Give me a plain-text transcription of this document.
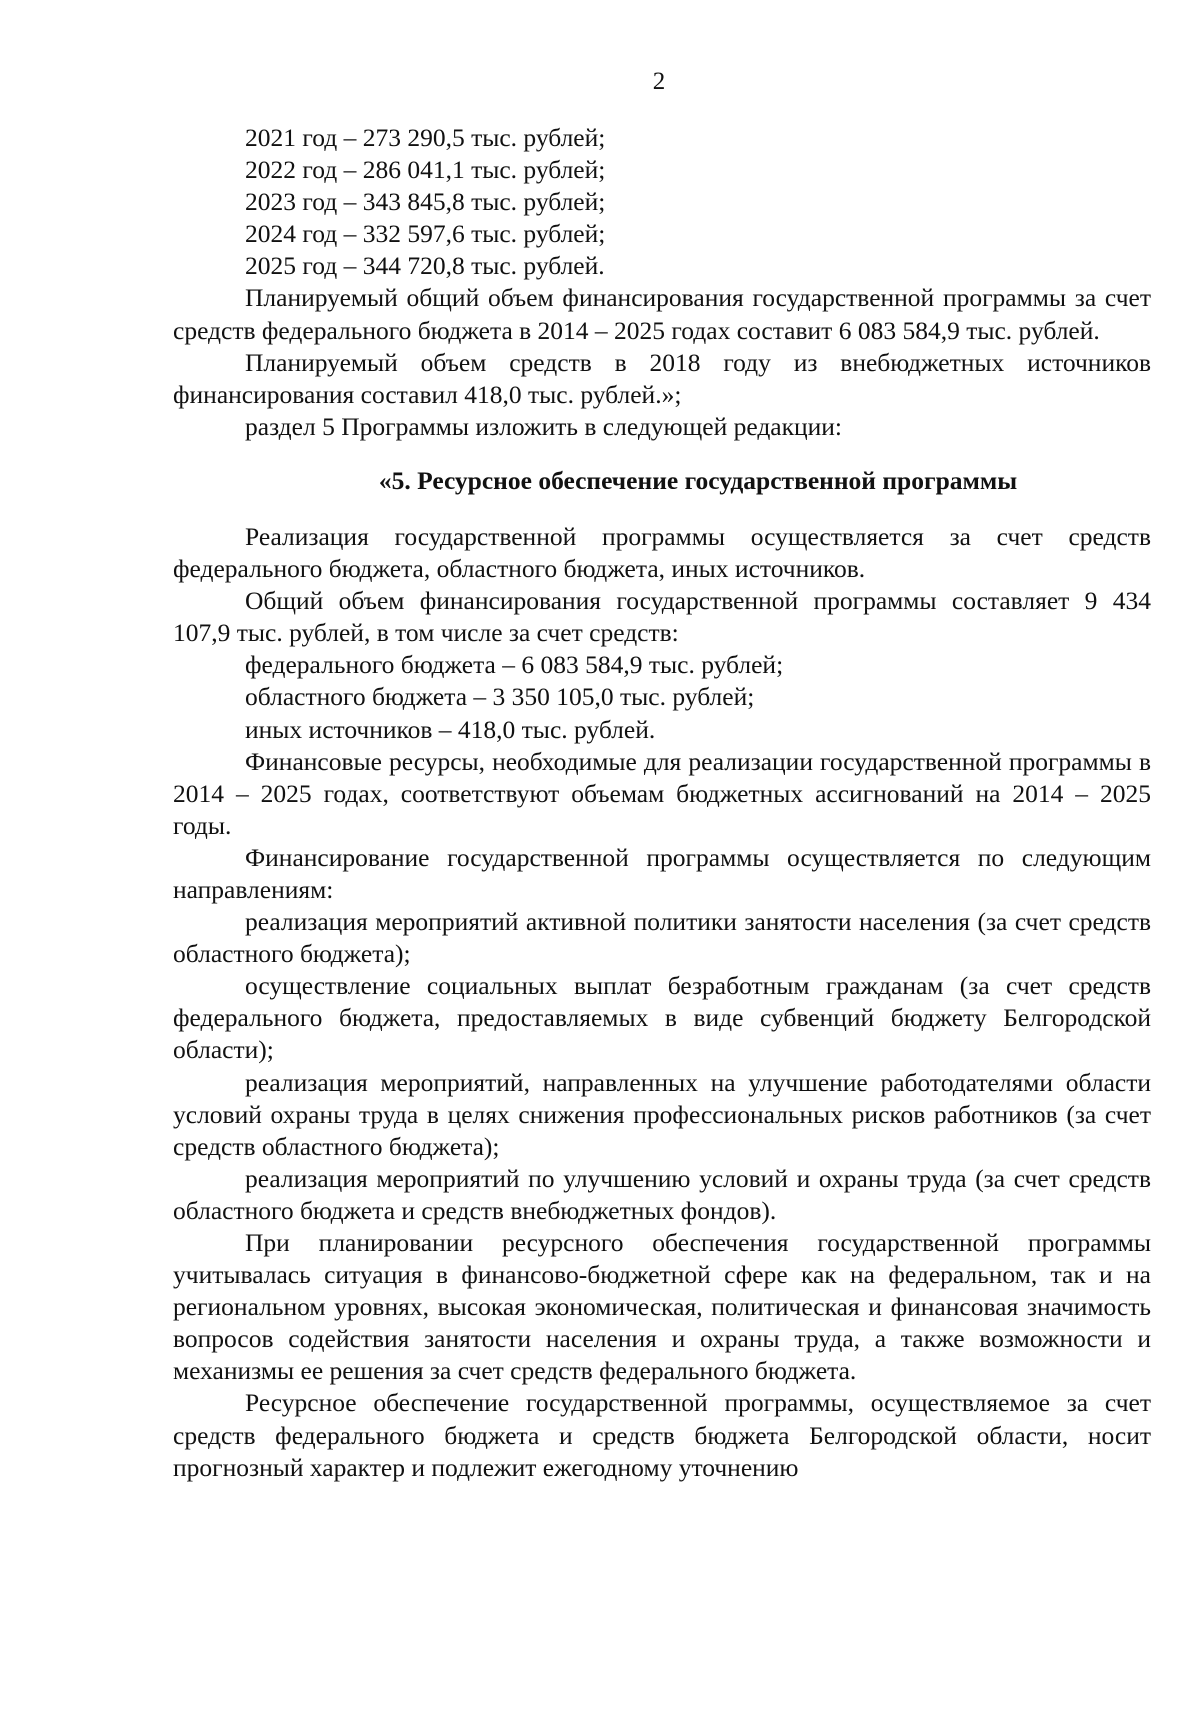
2

2021 год – 273 290,5 тыс. рублей;

2022 год – 286 041,1 тыс. рублей;

2023 год – 343 845,8 тыс. рублей;

2024 год – 332 597,6 тыс. рублей;

2025 год – 344 720,8 тыс. рублей.

Планируемый общий объем финансирования государственной программы за счет средств федерального бюджета в 2014 – 2025 годах составит 6 083 584,9 тыс. рублей.

Планируемый объем средств в 2018 году из внебюджетных источников финансирования составил 418,0 тыс. рублей.»;

раздел 5 Программы изложить в следующей редакции:

«5. Ресурсное обеспечение государственной программы

Реализация государственной программы осуществляется за счет средств федерального бюджета, областного бюджета, иных источников.

Общий объем финансирования государственной программы составляет 9 434 107,9 тыс. рублей, в том числе за счет средств:

федерального бюджета – 6 083 584,9 тыс. рублей;

областного бюджета – 3 350 105,0 тыс. рублей;

иных источников – 418,0 тыс. рублей.

Финансовые ресурсы, необходимые для реализации государственной программы в 2014 – 2025 годах, соответствуют объемам бюджетных ассигнований на 2014 – 2025 годы.

Финансирование государственной программы осуществляется по следующим направлениям:

реализация мероприятий активной политики занятости населения (за счет средств областного бюджета);

осуществление социальных выплат безработным гражданам (за счет средств федерального бюджета, предоставляемых в виде субвенций бюджету Белгородской области);

реализация мероприятий, направленных на улучшение работодателями области условий охраны труда в целях снижения профессиональных рисков работников (за счет средств областного бюджета);

реализация мероприятий по улучшению условий и охраны труда (за счет средств областного бюджета и средств внебюджетных фондов).

При планировании ресурсного обеспечения государственной программы учитывалась ситуация в финансово-бюджетной сфере как на федеральном, так и на региональном уровнях, высокая экономическая, политическая и финансовая значимость вопросов содействия занятости населения и охраны труда, а также возможности и механизмы ее решения за счет средств федерального бюджета.

Ресурсное обеспечение государственной программы, осуществляемое за счет средств федерального бюджета и средств бюджета Белгородской области, носит прогнозный характер и подлежит ежегодному уточнению
